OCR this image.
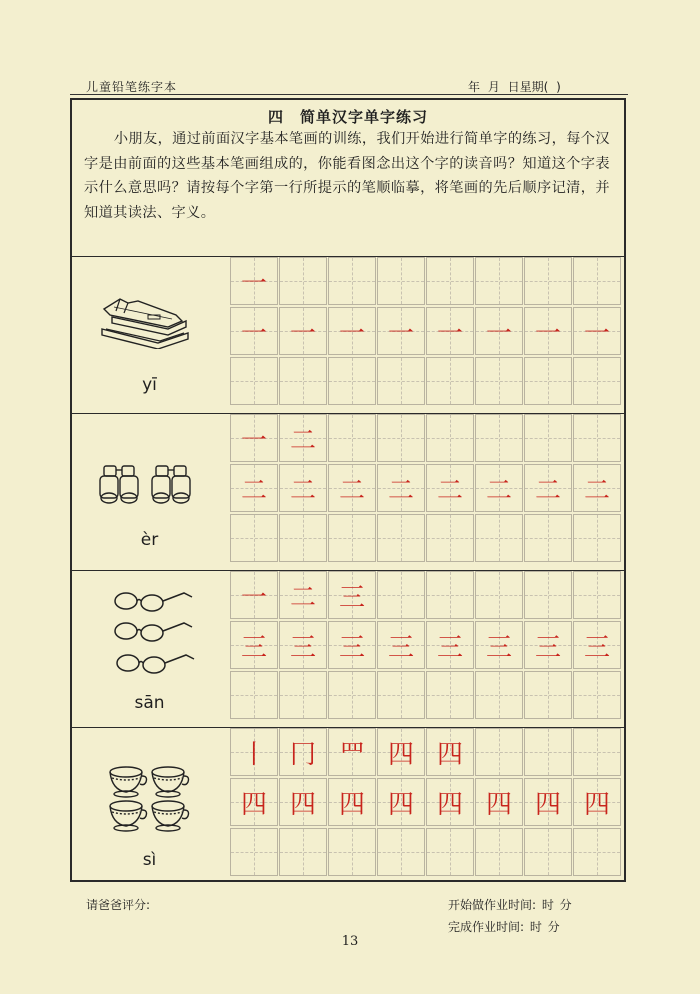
儿童铅笔练字本	年 月 日星期( )
四 简单汉字单字练习
小朋友，通过前面汉字基本笔画的训练，我们开始进行简单字的练习，每个汉字是由前面的这些基本笔画组成的，你能看图念出这个字的读音吗？知道这个字表示什么意思吗？请按每个字第一行所提示的笔顺临摹，将笔画的先后顺序记清，并知道其读法、字义。
yī
一
一 一 一 一 一 一 一 一
èr
一 二
二 二 二 二 二 二 二 二
sān
一 二 三
三 三 三 三 三 三 三 三
sì
丨 冂 罒 四 四
四 四 四 四 四 四 四 四
请爸爸评分:	开始做作业时间: 时 分
完成作业时间: 时 分
13
